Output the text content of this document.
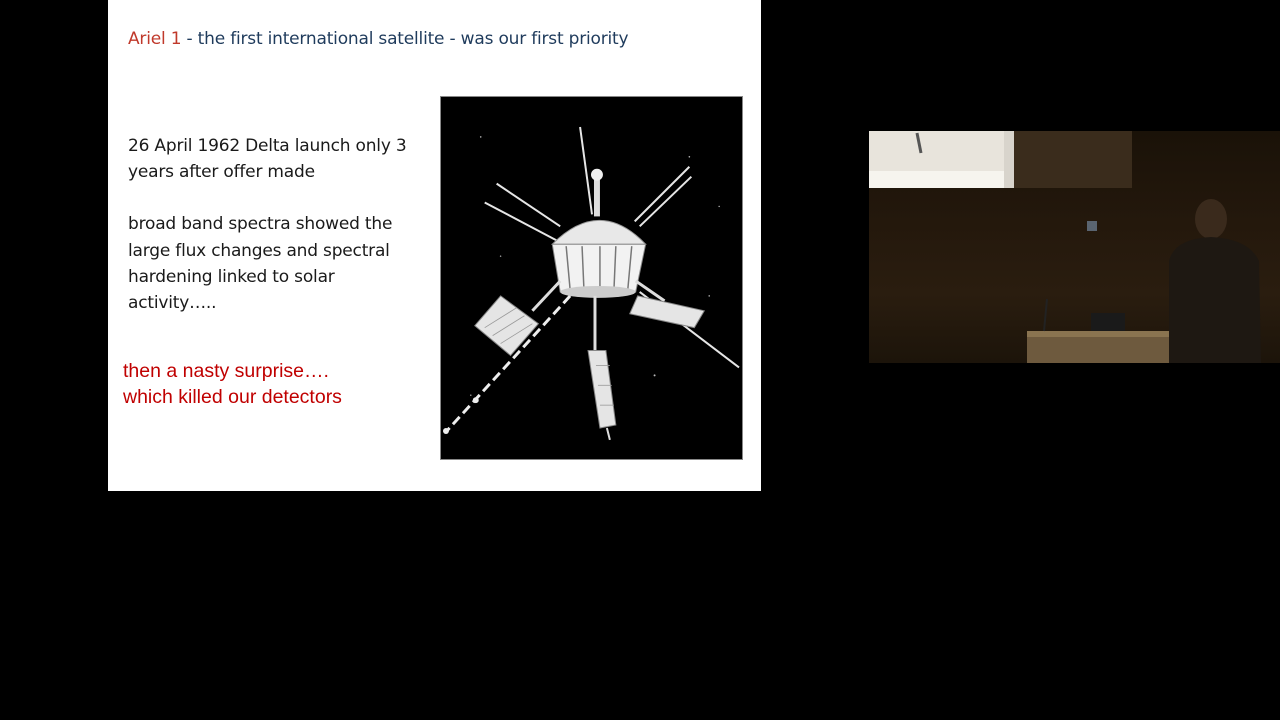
Ariel 1 - the first international satellite - was our first priority

26 April 1962 Delta launch only 3 years after offer made

broad band spectra showed the large flux changes and spectral hardening linked to solar activity…..

then a nasty surprise….
which killed our detectors
